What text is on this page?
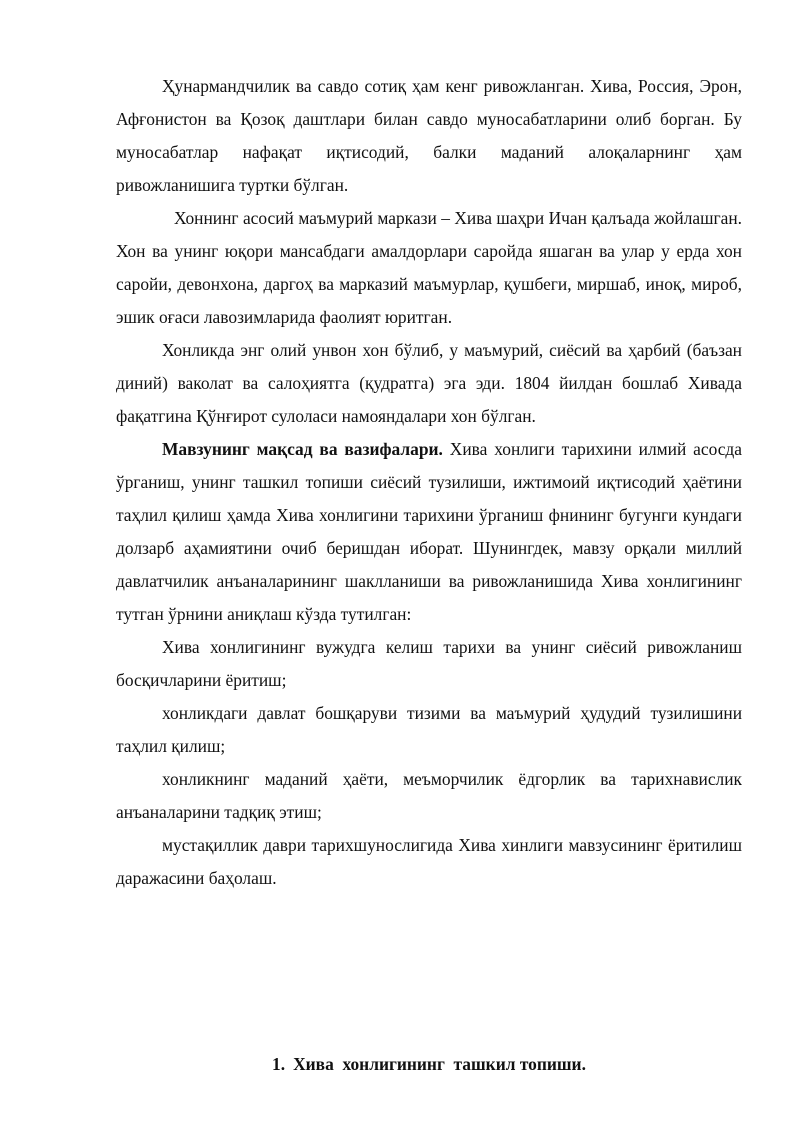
Ҳунармандчилик ва савдо сотиқ ҳам кенг ривожланган. Хива, Россия, Эрон, Афғонистон ва Қозоқ даштлари билан савдо муносабатларини олиб борган. Бу муносабатлар нафақат иқтисодий, балки маданий алоқаларнинг ҳам ривожланишига туртки бўлган.

Хоннинг асосий маъмурий маркази – Хива шаҳри Ичан қалъада жойлашган. Хон ва унинг юқори мансабдаги амалдорлари саройда яшаган ва улар у ерда хон саройи, девонхона, даргоҳ ва марказий маъмурлар, қушбеги, миршаб, иноқ, мироб, эшик оғаси лавозимларида фаолият юритган.

Хонликда энг олий унвон хон бўлиб, у маъмурий, сиёсий ва ҳарбий (баъзан диний) ваколат ва салоҳиятга (қудратга) эга эди. 1804 йилдан бошлаб Хивада фақатгина Қўнғирот сулоласи намояндалари хон бўлган.

Мавзунинг мақсад ва вазифалари. Хива хонлиги тарихини илмий асосда ўрганиш, унинг ташкил топиши сиёсий тузилиши, ижтимоий иқтисодий ҳаётини таҳлил қилиш ҳамда Хива хонлигини тарихини ўрганиш фнининг бугунги кундаги долзарб аҳамиятини очиб беришдан иборат. Шунингдек, мавзу орқали миллий давлатчилик анъаналарининг шаклланиши ва ривожланишида Хива хонлигининг тутган ўрнини аниқлаш кўзда тутилган:

Хива хонлигининг вужудга келиш тарихи ва унинг сиёсий ривожланиш босқичларини ёритиш;

хонликдаги давлат бошқаруви тизими ва маъмурий ҳудудий тузилишини таҳлил қилиш;

хонликнинг маданий ҳаёти, меъморчилик ёдгорлик ва тарихнавислик анъаналарини тадқиқ этиш;

мустақиллик даври тарихшунослигида Хива хинлиги мавзусининг ёритилиш даражасини баҳолаш.

1. Хива  хонлигининг  ташкил топиши.
